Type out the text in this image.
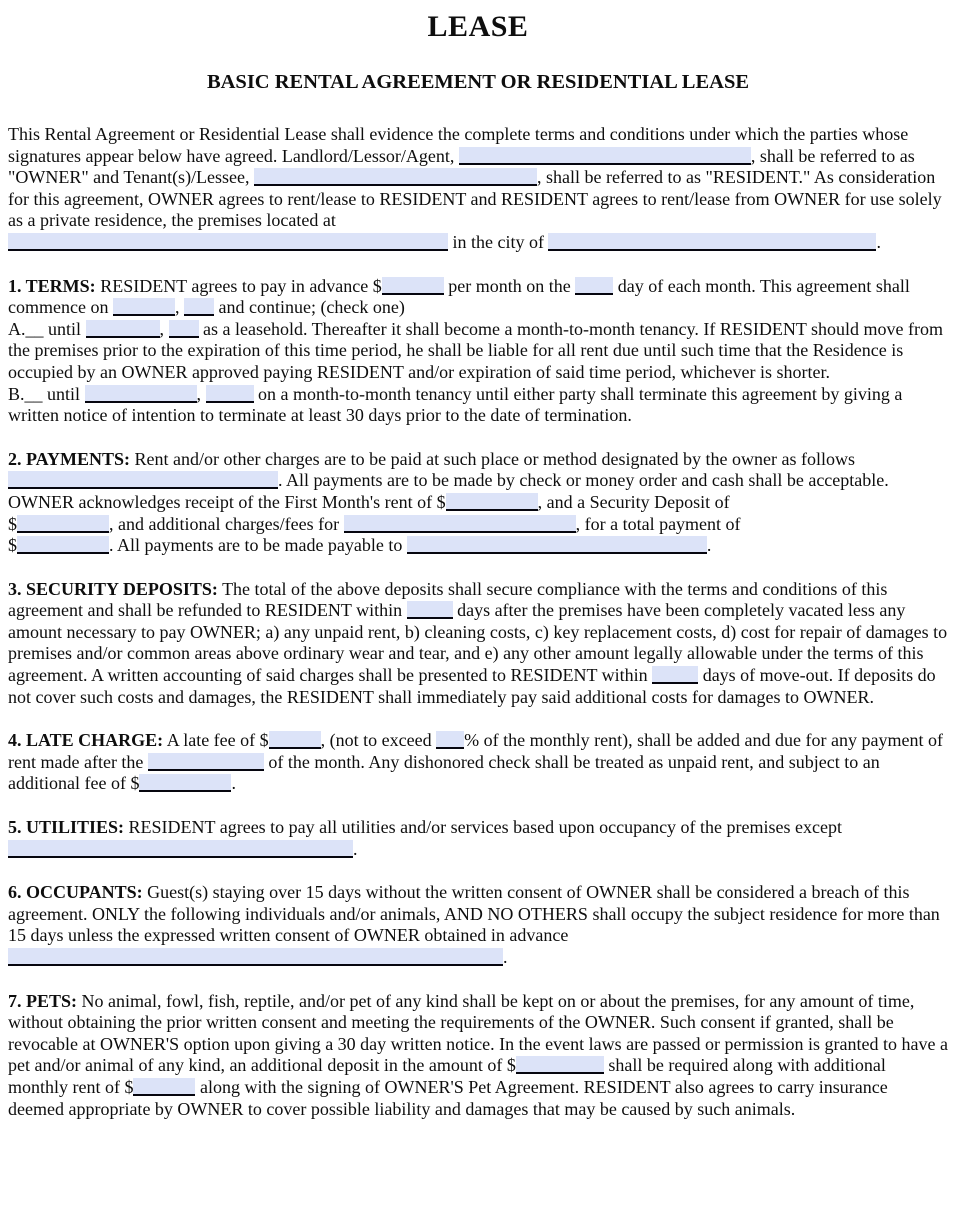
LEASE
BASIC RENTAL AGREEMENT OR RESIDENTIAL LEASE

This Rental Agreement or Residential Lease shall evidence the complete terms and conditions under which the parties whose signatures appear below have agreed. Landlord/Lessor/Agent,	, shall be referred to as "OWNER" and Tenant(s)/Lessee,	, shall be referred to as "RESIDENT." As consideration for this agreement, OWNER agrees to rent/lease to RESIDENT and RESIDENT agrees to rent/lease from OWNER for use solely as a private residence, the premises located at
in the city of	.

1. TERMS: RESIDENT agrees to pay in advance $	per month on the  day of each month. This agreement shall commence on	,  and continue; (check one)

A.__ until	,  as a leasehold. Thereafter it shall become a month-to-month tenancy. If RESIDENT should move from the premises prior to the expiration of this time period, he shall be liable for all rent due until such time that the Residence is occupied by an OWNER approved paying RESIDENT and/or expiration of said time period, whichever is shorter.

B.__ until	,	on a month-to-month tenancy until either party shall terminate this agreement by giving a written notice of intention to terminate at least 30 days prior to the date of termination.

2. PAYMENTS: Rent and/or other charges are to be paid at such place or method designated by the owner as follows
. All payments are to be made by check or money order and cash shall be acceptable. OWNER acknowledges receipt of the First Month's rent of $	, and a Security Deposit of
$	, and additional charges/fees for	, for a total payment of
$	. All payments are to be made payable to	.

3. SECURITY DEPOSITS: The total of the above deposits shall secure compliance with the terms and conditions of this agreement and shall be refunded to RESIDENT within	days after the premises have been completely vacated less any amount necessary to pay OWNER; a) any unpaid rent, b) cleaning costs, c) key replacement costs, d) cost for repair of damages to premises and/or common areas above ordinary wear and tear, and e) any other amount legally allowable under the terms of this agreement. A written accounting of said charges shall be presented to RESIDENT within	days of move-out. If deposits do not cover such costs and damages, the RESIDENT shall immediately pay said additional costs for damages to OWNER.

4. LATE CHARGE: A late fee of $	, (not to exceed % of the monthly rent), shall be added and due for any payment of rent made after the	of the month. Any dishonored check shall be treated as unpaid rent, and subject to an additional fee of $	.

5. UTILITIES: RESIDENT agrees to pay all utilities and/or services based upon occupancy of the premises except
.

6. OCCUPANTS: Guest(s) staying over 15 days without the written consent of OWNER shall be considered a breach of this agreement. ONLY the following individuals and/or animals, AND NO OTHERS shall occupy the subject residence for more than 15 days unless the expressed written consent of OWNER obtained in advance
.

7. PETS: No animal, fowl, fish, reptile, and/or pet of any kind shall be kept on or about the premises, for any amount of time, without obtaining the prior written consent and meeting the requirements of the OWNER. Such consent if granted, shall be revocable at OWNER'S option upon giving a 30 day written notice. In the event laws are passed or permission is granted to have a pet and/or animal of any kind, an additional deposit in the amount of $	shall be required along with additional monthly rent of $	along with the signing of OWNER'S Pet Agreement. RESIDENT also agrees to carry insurance deemed appropriate by OWNER to cover possible liability and damages that may be caused by such animals.
